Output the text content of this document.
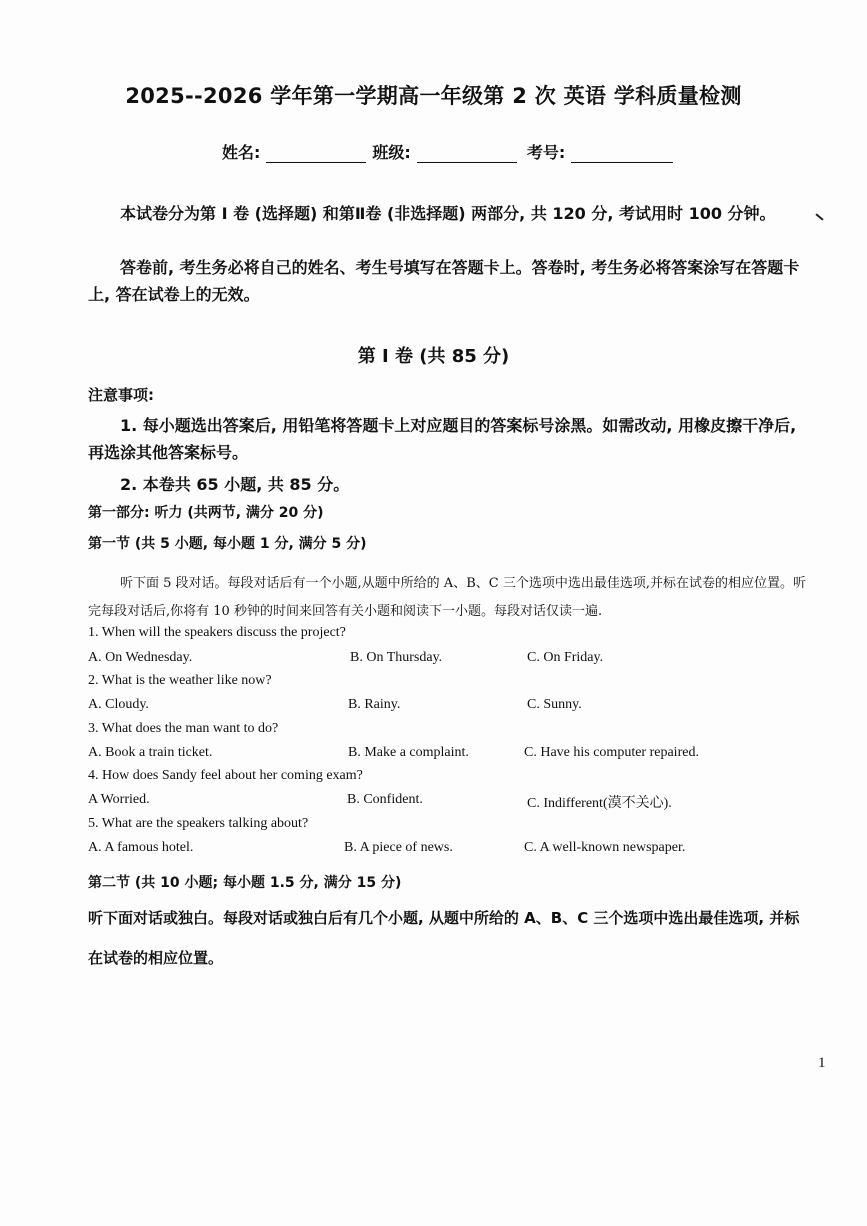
2025--2026 学年第一学期高一年级第 2 次 英语 学科质量检测
姓名:	班级:	考号:
本试卷分为第 I 卷 (选择题) 和第Ⅱ卷 (非选择题) 两部分, 共 120 分, 考试用时 100 分钟。
答卷前, 考生务必将自己的姓名、考生号填写在答题卡上。答卷时, 考生务必将答案涂写在答题卡上, 答在试卷上的无效。
第 I 卷 (共 85 分)
注意事项:
1. 每小题选出答案后, 用铅笔将答题卡上对应题目的答案标号涂黑。如需改动, 用橡皮擦干净后, 再选涂其他答案标号。
2. 本卷共 65 小题, 共 85 分。
第一部分: 听力 (共两节, 满分 20 分)
第一节 (共 5 小题, 每小题 1 分, 满分 5 分)
听下面 5 段对话。每段对话后有一个小题,从题中所给的 A、B、C 三个选项中选出最佳选项,并标在试卷的相应位置。听完每段对话后,你将有 10 秒钟的时间来回答有关小题和阅读下一小题。每段对话仅读一遍.
1. When will the speakers discuss the project?
A. On Wednesday.	B. On Thursday.	C. On Friday.
2. What is the weather like now?
A. Cloudy.	B. Rainy.	C. Sunny.
3. What does the man want to do?
A. Book a train ticket.	B. Make a complaint.	C. Have his computer repaired.
4. How does Sandy feel about her coming exam?
A Worried.	B. Confident.	C. Indifferent(漠不关心).
5. What are the speakers talking about?
A. A famous hotel.	B. A piece of news.	C. A well-known newspaper.
第二节 (共 10 小题; 每小题 1.5 分, 满分 15 分)
听下面对话或独白。每段对话或独白后有几个小题, 从题中所给的 A、B、C 三个选项中选出最佳选项, 并标在试卷的相应位置。
1
